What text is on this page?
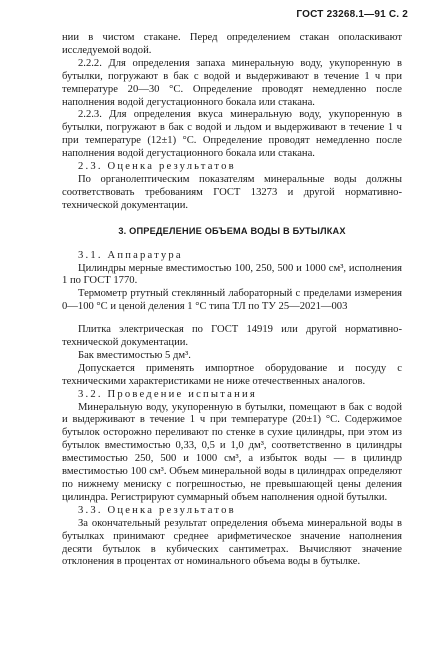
ГОСТ 23268.1—91 С. 2

нии в чистом стакане. Перед определением стакан ополаскивают исследуемой водой.

2.2.2. Для определения запаха минеральную воду, укупоренную в бутылки, погружают в бак с водой и выдерживают в течение 1 ч при температуре 20—30 °С. Определение проводят немедленно после наполнения водой дегустационного бокала или стакана.

2.2.3. Для определения вкуса минеральную воду, укупоренную в бутылки, погружают в бак с водой и льдом и выдерживают в течение 1 ч при температуре (12±1) °С. Определение проводят немедленно после наполнения водой дегустационного бокала или стакана.

2.3. Оценка результатов

По органолептическим показателям минеральные воды должны соответствовать требованиям ГОСТ 13273 и другой нормативно-технической документации.

3. ОПРЕДЕЛЕНИЕ ОБЪЕМА ВОДЫ В БУТЫЛКАХ

3.1. Аппаратура

Цилиндры мерные вместимостью 100, 250, 500 и 1000 см³, исполнения 1 по ГОСТ 1770.

Термометр ртутный стеклянный лабораторный с пределами измерения 0—100 °С и ценой деления 1 °С типа ТЛ по ТУ 25—2021—003

Плитка электрическая по ГОСТ 14919 или другой нормативно-технической документации.

Бак вместимостью 5 дм³.

Допускается применять импортное оборудование и посуду с техническими характеристиками не ниже отечественных аналогов.

3.2. Проведение испытания

Минеральную воду, укупоренную в бутылки, помещают в бак с водой и выдерживают в течение 1 ч при температуре (20±1) °С. Содержимое бутылок осторожно переливают по стенке в сухие цилиндры, при этом из бутылок вместимостью 0,33, 0,5 и 1,0 дм³, соответственно в цилиндры вместимостью 250, 500 и 1000 см³, а избыток воды — в цилиндр вместимостью 100 см³. Объем минеральной воды в цилиндрах определяют по нижнему мениску с погрешностью, не превышающей цены деления цилиндра. Регистрируют суммарный объем наполнения одной бутылки.

3.3. Оценка результатов

За окончательный результат определения объема минеральной воды в бутылках принимают среднее арифметическое значение наполнения десяти бутылок в кубических сантиметрах. Вычисляют значение отклонения в процентах от номинального объема воды в бутылке.
